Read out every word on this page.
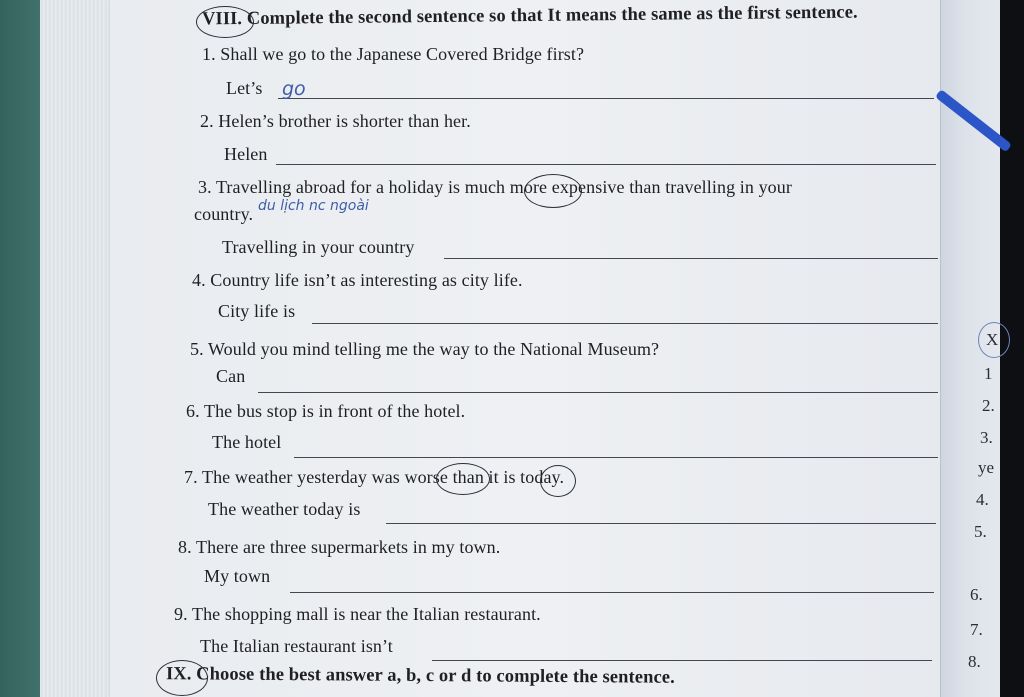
VIII. Complete the second sentence so that It means the same as the first sentence.
1. Shall we go to the Japanese Covered Bridge first?
Let’s go
2. Helen’s brother is shorter than her.
Helen
3. Travelling abroad for a holiday is much more expensive than travelling in your
country. du lịch nc ngoài
Travelling in your country
4. Country life isn’t as interesting as city life.
City life is
5. Would you mind telling me the way to the National Museum?
Can
6. The bus stop is in front of the hotel.
The hotel
7. The weather yesterday was worse than it is today.
The weather today is
8. There are three supermarkets in my town.
My town
9. The shopping mall is near the Italian restaurant.
The Italian restaurant isn’t
IX. Choose the best answer a, b, c or d to complete the sentence.
X
1
2.
3.
ye
4.
5.
6.
7.
8.
